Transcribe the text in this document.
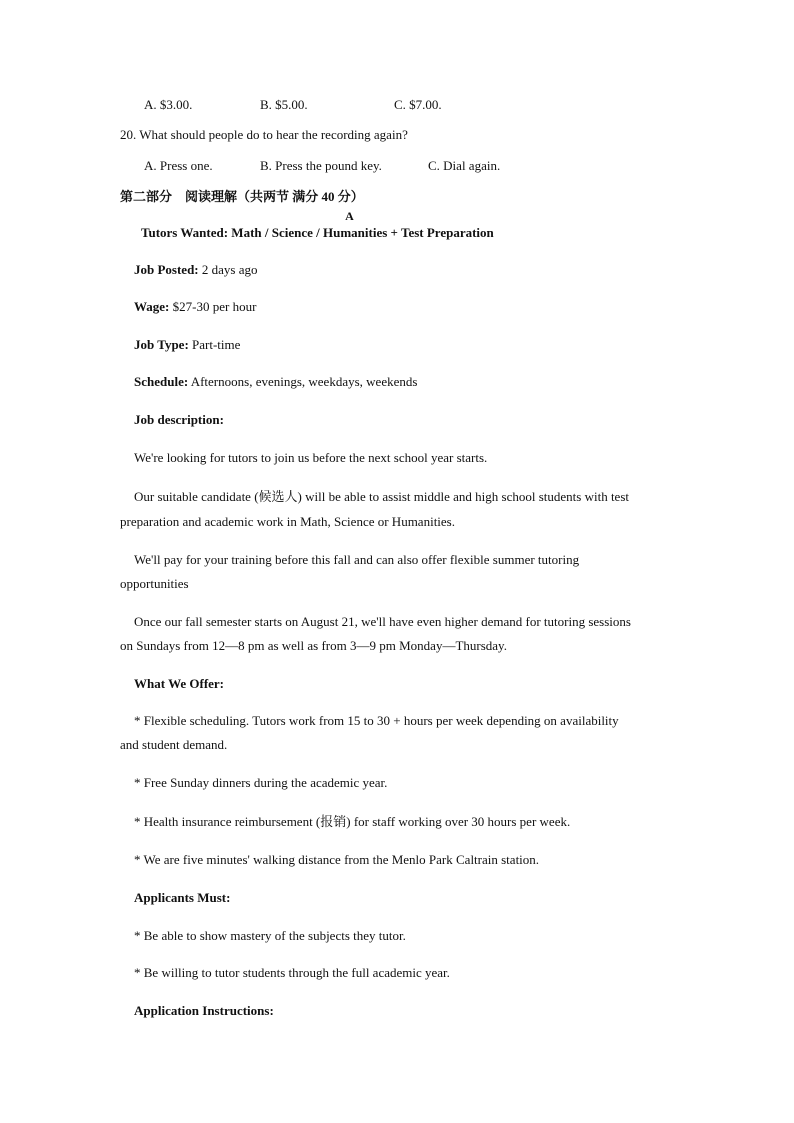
A. $3.00.	B. $5.00.	C. $7.00.
20. What should people do to hear the recording again?
A. Press one.	B. Press the pound key.	C. Dial again.
第二部分　阅读理解（共两节 满分 40 分）
A
Tutors Wanted: Math / Science / Humanities + Test Preparation
Job Posted: 2 days ago
Wage: $27-30 per hour
Job Type: Part-time
Schedule: Afternoons, evenings, weekdays, weekends
Job description:
We're looking for tutors to join us before the next school year starts.
Our suitable candidate (候选人) will be able to assist middle and high school students with test
preparation and academic work in Math, Science or Humanities.
We'll pay for your training before this fall and can also offer flexible summer tutoring
opportunities
Once our fall semester starts on August 21, we'll have even higher demand for tutoring sessions
on Sundays from 12—8 pm as well as from 3—9 pm Monday—Thursday.
What We Offer:
* Flexible scheduling. Tutors work from 15 to 30 + hours per week depending on availability
and student demand.
* Free Sunday dinners during the academic year.
* Health insurance reimbursement (报销) for staff working over 30 hours per week.
* We are five minutes' walking distance from the Menlo Park Caltrain station.
Applicants Must:
* Be able to show mastery of the subjects they tutor.
* Be willing to tutor students through the full academic year.
Application Instructions:
